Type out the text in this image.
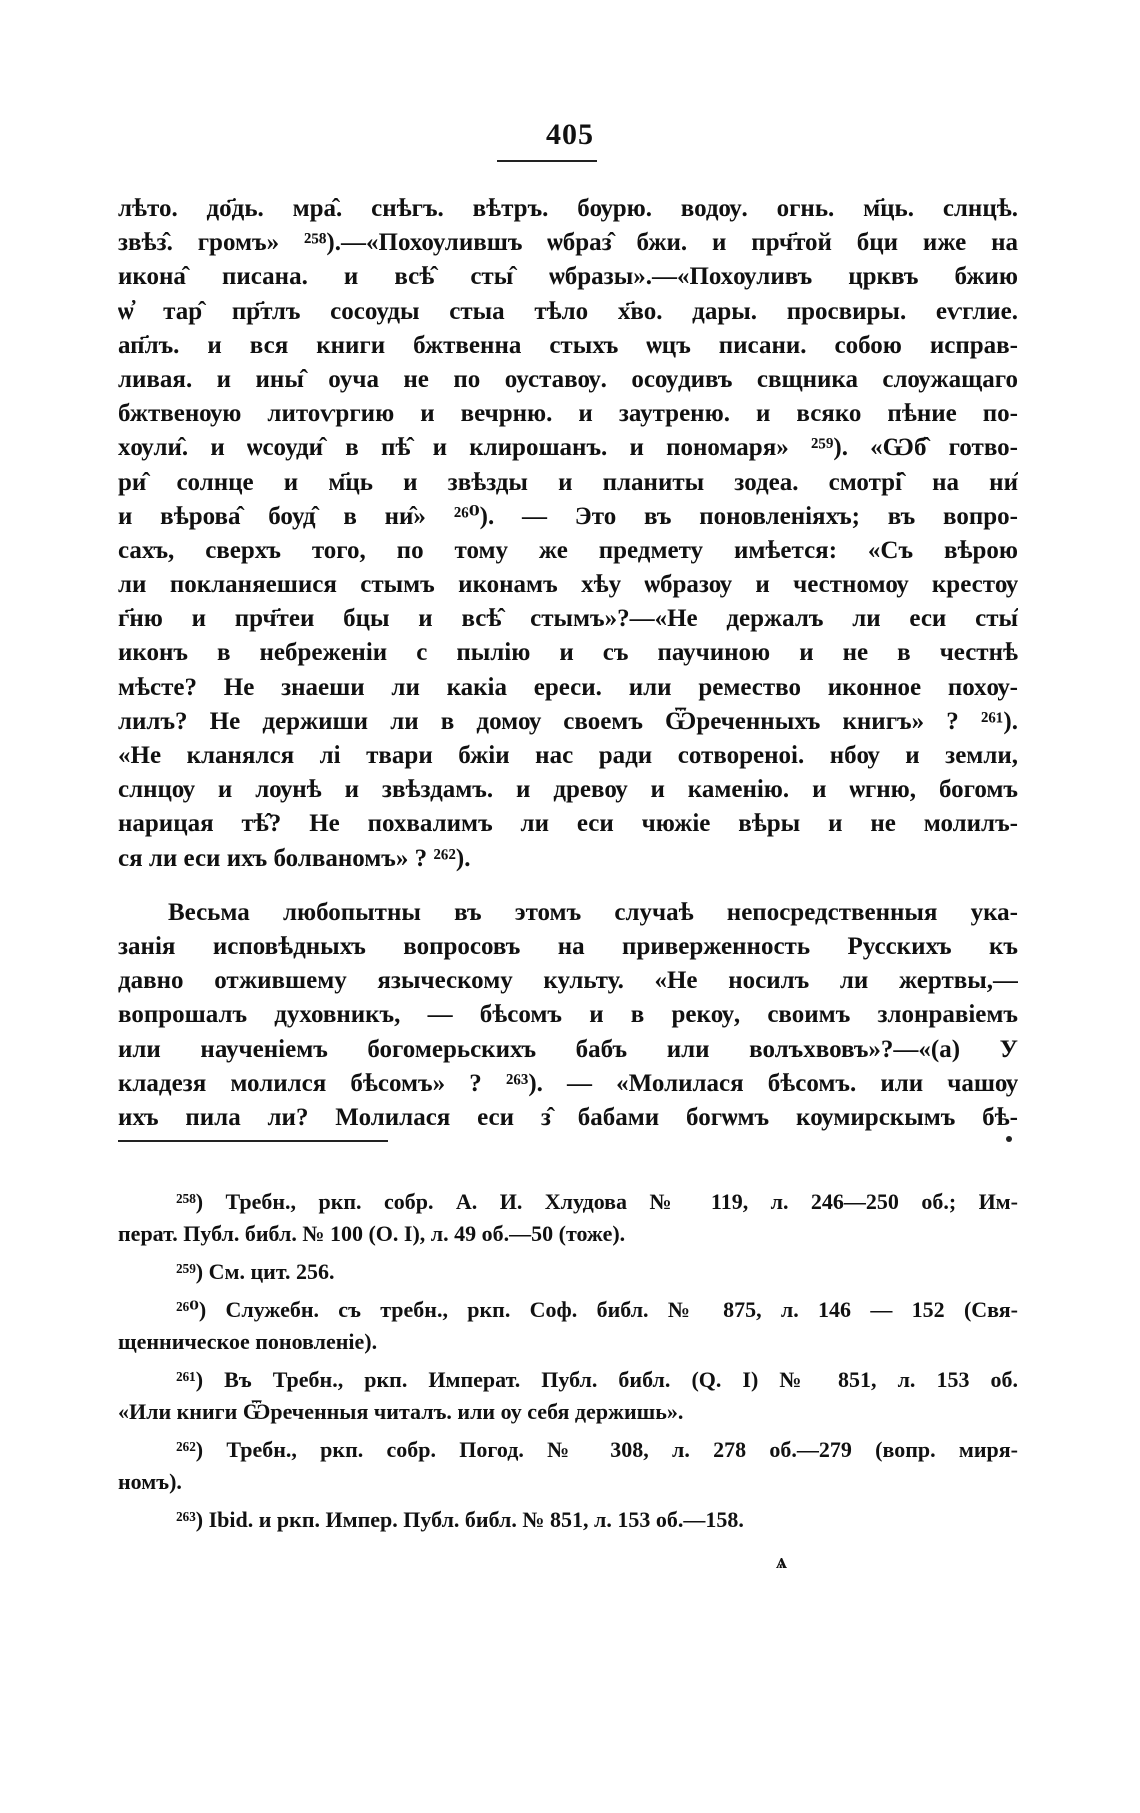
405
лѣто. до҃дь. мра̂. снѣгъ. вѣтръ. бѹрю. водѹ. огнь. м҃ць. слнцѣ.
звѣз̂. громъ» ²⁵⁸).—«Похоулившъ ѡбраз̂ бжи. и прч҃той бци иже на
икона̂ писана. и всѣ̂ сты̂ ѡбразы».—«Похѹливъ црквъ бжию
ѡ҆ тар̂ пр҃тлъ сосоуды стыа тѣло х҃во. дары. просвиры. еѵглие.
ап҃лъ. и вся книги бжтвенна стыхъ ѡцъ писани. собою исправ-
ливая. и ины̂ оуча не по оуставѹ. осѹдивъ свщника слѹжащаго
бжтвенѹю литоѵргию и вечрню. и заутреню. и всяко пѣние по-
хѹли̂. и ѡсоуди̂ в пѣ̂ и клирошанъ. и пономаря» ²⁵⁹). «Ѡб̂ готво-
ри̂ солнце и м҃ць и звѣзды и планиты зодеа. смотрі̂ на ни̂
и вѣрова̂ боуд̂ в ни̂» ²⁶⁰). — Это въ поновленіяхъ; въ вопро-
сахъ, сверхъ того, по тому же предмету имѣется: «Съ вѣрою
ли покланяешися стымъ иконамъ хѣу ѡбразѹ и честномѹ крестѹ
г҃ню и прч҃теи бцы и всѣ̂ стымъ»?—«Не держалъ ли еси сты̂
иконъ в небреженіи с пылію и съ паучиною и не в честнѣ
мѣсте? Не знаеши ли какіа ереси. или ремество иконное похѹ-
лилъ? Не держиши ли в домѹ своемъ Ѿреченныхъ книгъ» ? ²⁶¹).
«Не кланялся лі твари бжіи нас ради сотвореноі. нбѹ и земли,
слнцѹ и лѹнѣ и звѣздамъ. и древѹ и каменію. и ѡгню, богомъ
нарицая тѣ̂? Не похвалимъ ли еси чюжіе вѣры и не молилъ-
ся ли еси ихъ болваномъ» ? ²⁶²).
Весьма любопытны въ этомъ случаѣ непосредственныя ука-
занія исповѣдныхъ вопросовъ на приверженность Русскихъ къ
давно отжившему языческому культу. «Не носилъ ли жертвы,—
вопрошалъ духовникъ, — бѣсомъ и в рекѹ, своимъ злонравіемъ
или наученіемъ богомерьскихъ бабъ или волъхвовъ»?—«(а) У
кладезя молился бѣсомъ» ? ²⁶³). — «Молилася бѣсомъ. или чашѹ
ихъ пила ли? Молилася еси з̂ бабами богѡмъ кѹмирскымъ бѣ-
²⁵⁸) Требн., ркп. собр. А. И. Хлудова № 119, л. 246—250 об.; Им-
перат. Публ. библ. № 100 (О. I), л. 49 об.—50 (тоже).
²⁵⁹) См. цит. 256.
²⁶⁰) Служебн. съ требн., ркп. Соф. библ. № 875, л. 146 — 152 (Свя-
щенническое поновленіе).
²⁶¹) Въ Требн., ркп. Императ. Публ. библ. (Q. I) № 851, л. 153 об.
«Или книги Ѿреченныя читалъ. или оу себя держишь».
²⁶²) Требн., ркп. собр. Погод. № 308, л. 278 об.—279 (вопр. миря-
номъ).
²⁶³) Ibid. и ркп. Импер. Публ. библ. № 851, л. 153 об.—158.
ѧ
